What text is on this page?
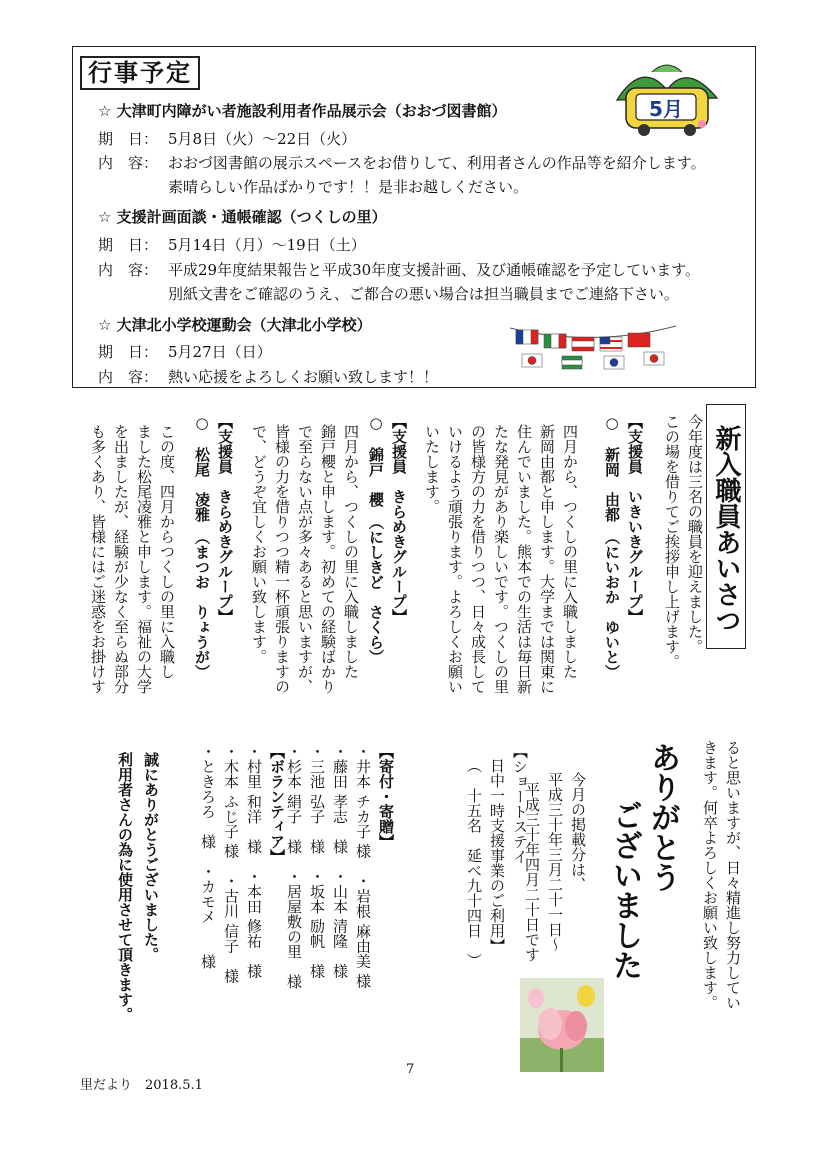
行事予定
5月
☆ 大津町内障がい者施設利用者作品展示会（おおづ図書館）
期　日： 5月8日（火）～22日（火）
内　容： おおづ図書館の展示スペースをお借りして、利用者さんの作品等を紹介します。
素晴らしい作品ばかりです！！是非お越しください。
☆ 支援計画面談・通帳確認（つくしの里）
期　日： 5月14日（月）～19日（土）
内　容： 平成29年度結果報告と平成30年度支援計画、及び通帳確認を予定しています。
別紙文書をご確認のうえ、ご都合の悪い場合は担当職員までご連絡下さい。
☆ 大津北小学校運動会（大津北小学校）
期　日： 5月27日（日）
内　容： 熱い応援をよろしくお願い致します！！
新入職員あいさつ
今年度は三名の職員を迎えました。
この場を借りてご挨拶申し上げます。
【支援員　いきいきグループ】
○　新岡　由都　（にいおか　ゆいと）
四月から、つくしの里に入職しました
新岡由都と申します。大学までは関東に
住んでいました。熊本での生活は毎日新
たな発見があり楽しいです。つくしの里
の皆様方の力を借りつつ、日々成長して
いけるよう頑張ります。よろしくお願い
いたします。
【支援員　きらめきグループ】
○　錦戸　櫻　（にしきど　さくら）
四月から、つくしの里に入職しました
錦戸櫻と申します。初めての経験ばかり
で至らない点が多々あると思いますが、
皆様の力を借りつつ精一杯頑張りますの
で、どうぞ宜しくお願い致します。
【支援員　きらめきグループ】
○　松尾　凌雅　（まつお　りょうが）
この度、四月からつくしの里に入職し
ました松尾凌雅と申します。福祉の大学
を出ましたが、経験が少なく至らぬ部分
も多くあり、皆様にはご迷惑をお掛けす
ると思いますが、日々精進し努力してい
きます。何卒よろしくお願い致します。
ありがとう
ございました
今月の掲載分は、
平成三十年三月二十一日～
平成三十年四月二十日です
【ショートステイ
日中一時支援事業のご利用】
（　十五名　延べ九十四日　）
【寄付・寄贈】
・井本 チカ子 様　・岩根 麻由美 様
・藤田 孝志　様　・山本 清隆　様
・三池 弘子　様　・坂本 励帆　様
・杉本 絹子　様　・居屋敷の里　様
【ボランティア】
・村里 和洋　様　・本田 修祐　様
・木本 ふじ子 様　・古川 信子　様
・ときろろ　様　・カモメ　　様
誠にありがとうございました。
利用者さんの為に使用させて頂きます。
7
里だより　2018.5.1
